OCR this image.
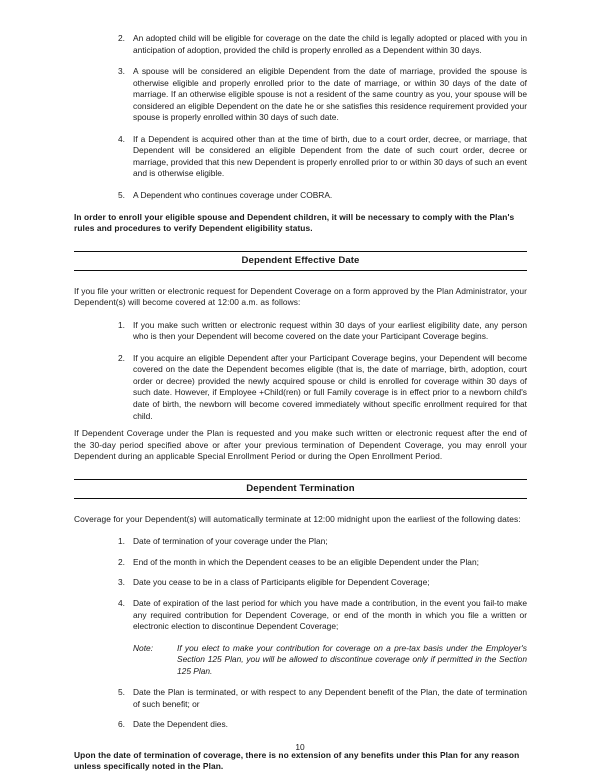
2. An adopted child will be eligible for coverage on the date the child is legally adopted or placed with you in anticipation of adoption, provided the child is properly enrolled as a Dependent within 30 days.
3. A spouse will be considered an eligible Dependent from the date of marriage, provided the spouse is otherwise eligible and properly enrolled prior to the date of marriage, or within 30 days of the date of marriage. If an otherwise eligible spouse is not a resident of the same country as you, your spouse will be considered an eligible Dependent on the date he or she satisfies this residence requirement provided your spouse is properly enrolled within 30 days of such date.
4. If a Dependent is acquired other than at the time of birth, due to a court order, decree, or marriage, that Dependent will be considered an eligible Dependent from the date of such court order, decree or marriage, provided that this new Dependent is properly enrolled prior to or within 30 days of such an event and is otherwise eligible.
5. A Dependent who continues coverage under COBRA.

In order to enroll your eligible spouse and Dependent children, it will be necessary to comply with the Plan's rules and procedures to verify Dependent eligibility status.

Dependent Effective Date

If you file your written or electronic request for Dependent Coverage on a form approved by the Plan Administrator, your Dependent(s) will become covered at 12:00 a.m. as follows:

1. If you make such written or electronic request within 30 days of your earliest eligibility date, any person who is then your Dependent will become covered on the date your Participant Coverage begins.
2. If you acquire an eligible Dependent after your Participant Coverage begins, your Dependent will become covered on the date the Dependent becomes eligible (that is, the date of marriage, birth, adoption, court order or decree) provided the newly acquired spouse or child is enrolled for coverage within 30 days of such date. However, if Employee +Child(ren) or full Family coverage is in effect prior to a newborn child's date of birth, the newborn will become covered immediately without specific enrollment required for that child.

If Dependent Coverage under the Plan is requested and you make such written or electronic request after the end of the 30-day period specified above or after your previous termination of Dependent Coverage, you may enroll your Dependent during an applicable Special Enrollment Period or during the Open Enrollment Period.

Dependent Termination

Coverage for your Dependent(s) will automatically terminate at 12:00 midnight upon the earliest of the following dates:

1. Date of termination of your coverage under the Plan;
2. End of the month in which the Dependent ceases to be an eligible Dependent under the Plan;
3. Date you cease to be in a class of Participants eligible for Dependent Coverage;
4. Date of expiration of the last period for which you have made a contribution, in the event you fail-to make any required contribution for Dependent Coverage, or end of the month in which you file a written or electronic election to discontinue Dependent Coverage;
Note:	If you elect to make your contribution for coverage on a pre-tax basis under the Employer's Section 125 Plan, you will be allowed to discontinue coverage only if permitted in the Section 125 Plan.
5. Date the Plan is terminated, or with respect to any Dependent benefit of the Plan, the date of termination of such benefit; or
6. Date the Dependent dies.

Upon the date of termination of coverage, there is no extension of any benefits under this Plan for any reason unless specifically noted in the Plan.

10
